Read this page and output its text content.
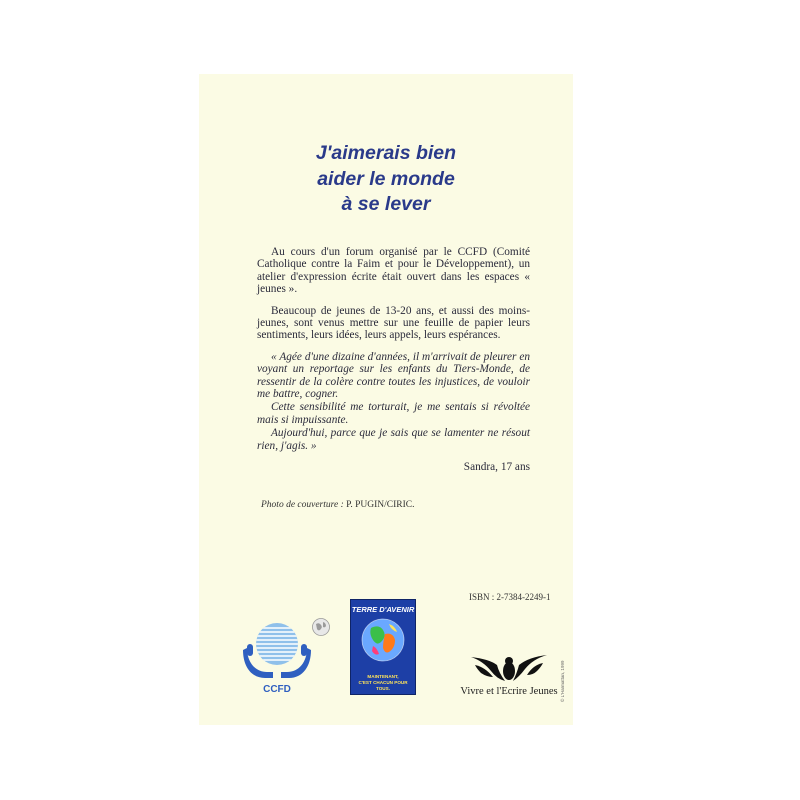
J'aimerais bien
aider le monde
à se lever

Au cours d'un forum organisé par le CCFD (Comité Catholique contre la Faim et pour le Développement), un atelier d'expression écrite était ouvert dans les espaces « jeunes ».

Beaucoup de jeunes de 13-20 ans, et aussi des moins-jeunes, sont venus mettre sur une feuille de papier leurs sentiments, leurs idées, leurs appels, leurs espérances.

« Agée d'une dizaine d'années, il m'arrivait de pleurer en voyant un reportage sur les enfants du Tiers-Monde, de ressentir de la colère contre toutes les injustices, de vouloir me battre, cogner.

Cette sensibilité me torturait, je me sentais si révoltée mais si impuissante.

Aujourd'hui, parce que je sais que se lamenter ne résout rien, j'agis. »

Sandra, 17 ans
Photo de couverture : P. PUGIN/CIRIC.
ISBN : 2-7384-2249-1
CCFD
TERRE D'AVENIR
MAINTENANT,
C'EST CHACUN POUR TOUS.	Vivre et l'Ecrire Jeunes © L'Harmattan, 1999
